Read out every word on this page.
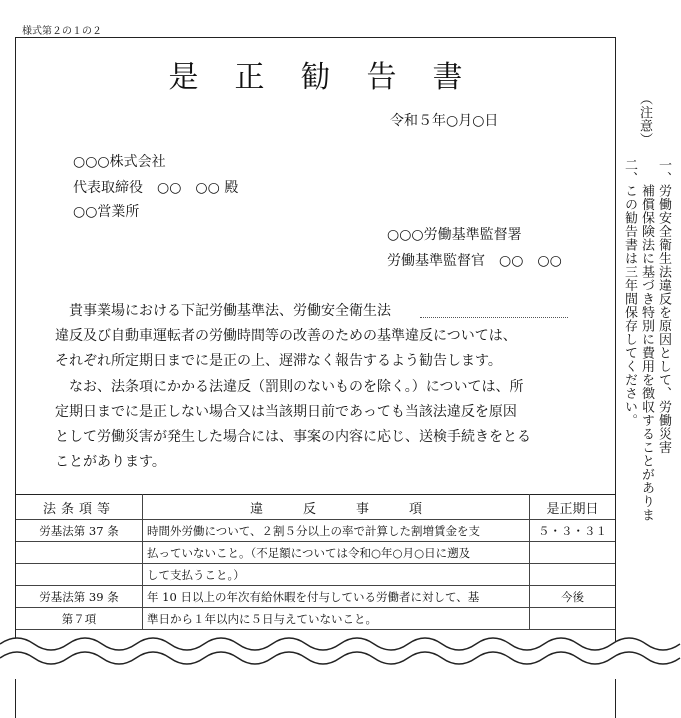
様式第２の１の２
是正勧告書
令和５年○月○日
○○○株式会社
代表取締役　○○　○○ 殿
○○営業所
○○○労働基準監督署
労働基準監督官　○○　○○
　貴事業場における下記労働基準法、労働安全衛生法
違反及び自動車運転者の労働時間等の改善のための基準違反については、
それぞれ所定期日までに是正の上、遅滞なく報告するよう勧告します。
　なお、法条項にかかる法違反（罰則のないものを除く。）については、所
定期日までに是正しない場合又は当該期日前であっても当該法違反を原因
として労働災害が発生した場合には、事案の内容に応じ、送検手続きをとる
ことがあります。
法条項等	違反事項	是正期日
労基法第 37 条	時間外労働について、２割５分以上の率で計算した割増賃金を支	５・３・３１
	払っていないこと。（不足額については令和○年○月○日に遡及	
	して支払うこと。）	
労基法第 39 条	年 10 日以上の年次有給休暇を付与している労働者に対して、基	今後
第７項	準日から１年以内に５日与えていないこと。	
（注意）
一、
労働安全衛生法違反を原因として、労働災害
補償保険法に基づき特別に費用を徴収することがありま
二、
この勧告書は三年間保存してください。
